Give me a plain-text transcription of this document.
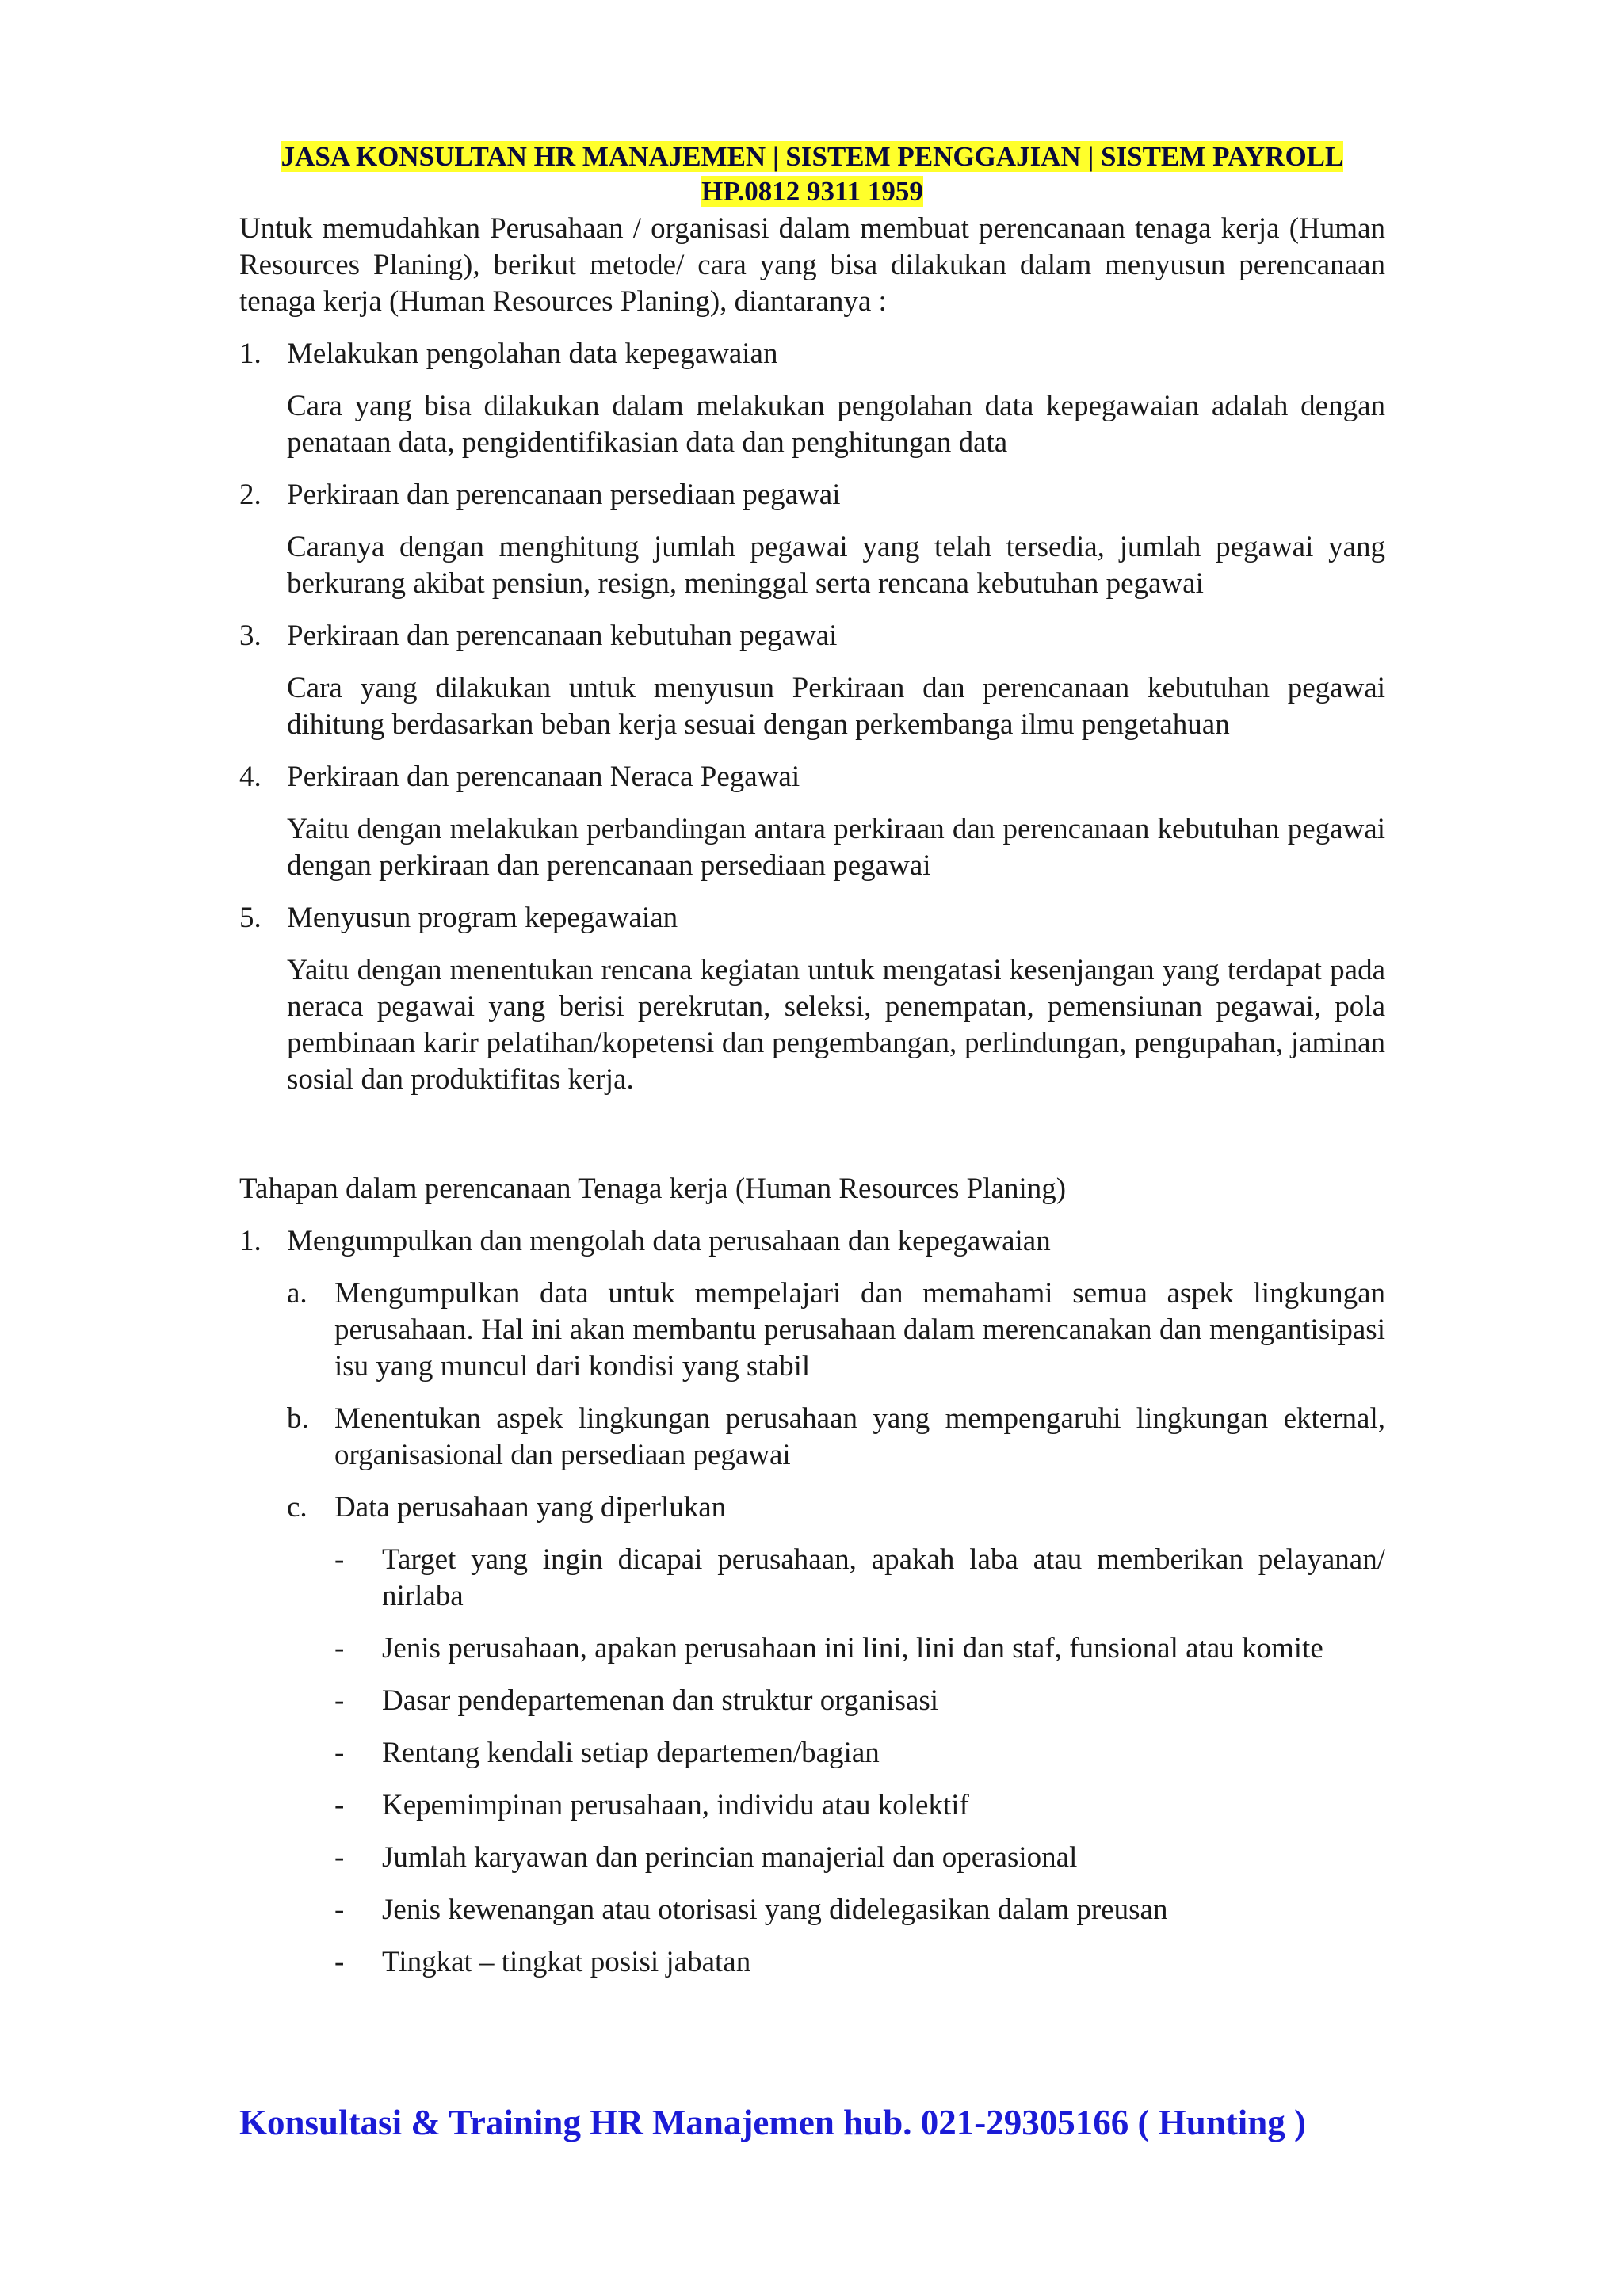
JASA KONSULTAN HR MANAJEMEN | SISTEM PENGGAJIAN | SISTEM PAYROLL
HP.0812 9311 1959

Untuk memudahkan Perusahaan / organisasi dalam membuat perencanaan tenaga kerja (Human Resources Planing), berikut metode/ cara yang bisa dilakukan dalam menyusun perencanaan tenaga kerja (Human Resources Planing), diantaranya :

1. Melakukan pengolahan data kepegawaian

Cara yang bisa dilakukan dalam melakukan pengolahan data kepegawaian adalah dengan penataan data, pengidentifikasian data dan penghitungan data

2. Perkiraan dan perencanaan persediaan pegawai

Caranya dengan menghitung jumlah pegawai yang telah tersedia, jumlah pegawai yang berkurang akibat pensiun, resign, meninggal serta rencana kebutuhan pegawai

3. Perkiraan dan perencanaan kebutuhan pegawai

Cara yang dilakukan untuk menyusun Perkiraan dan perencanaan kebutuhan pegawai dihitung berdasarkan beban kerja sesuai dengan perkembanga ilmu pengetahuan

4. Perkiraan dan perencanaan Neraca Pegawai

Yaitu dengan melakukan perbandingan antara perkiraan dan perencanaan kebutuhan pegawai dengan perkiraan dan perencanaan persediaan pegawai

5. Menyusun program kepegawaian

Yaitu dengan menentukan rencana kegiatan untuk mengatasi kesenjangan yang terdapat pada neraca pegawai yang berisi perekrutan, seleksi, penempatan, pemensiunan pegawai, pola pembinaan karir pelatihan/kopetensi dan pengembangan, perlindungan, pengupahan, jaminan sosial dan produktifitas kerja.

Tahapan dalam perencanaan Tenaga kerja (Human Resources Planing)

1. Mengumpulkan dan mengolah data perusahaan dan kepegawaian
a. Mengumpulkan data untuk mempelajari dan memahami semua aspek lingkungan perusahaan. Hal ini akan membantu perusahaan dalam merencanakan dan mengantisipasi isu yang muncul dari kondisi yang stabil
b. Menentukan aspek lingkungan perusahaan yang mempengaruhi lingkungan ekternal, organisasional dan persediaan pegawai
c. Data perusahaan yang diperlukan
-	Target yang ingin dicapai perusahaan, apakah laba atau memberikan pelayanan/ nirlaba
- Jenis perusahaan, apakan perusahaan ini lini, lini dan staf, funsional atau komite
-	Dasar pendepartemenan dan struktur organisasi
-	Rentang kendali setiap departemen/bagian
-	Kepemimpinan perusahaan, individu atau kolektif
-	Jumlah karyawan dan perincian manajerial dan operasional
-	Jenis kewenangan atau otorisasi yang didelegasikan dalam preusan
-	Tingkat – tingkat posisi jabatan
Konsultasi & Training HR Manajemen hub. 021-29305166 ( Hunting )
